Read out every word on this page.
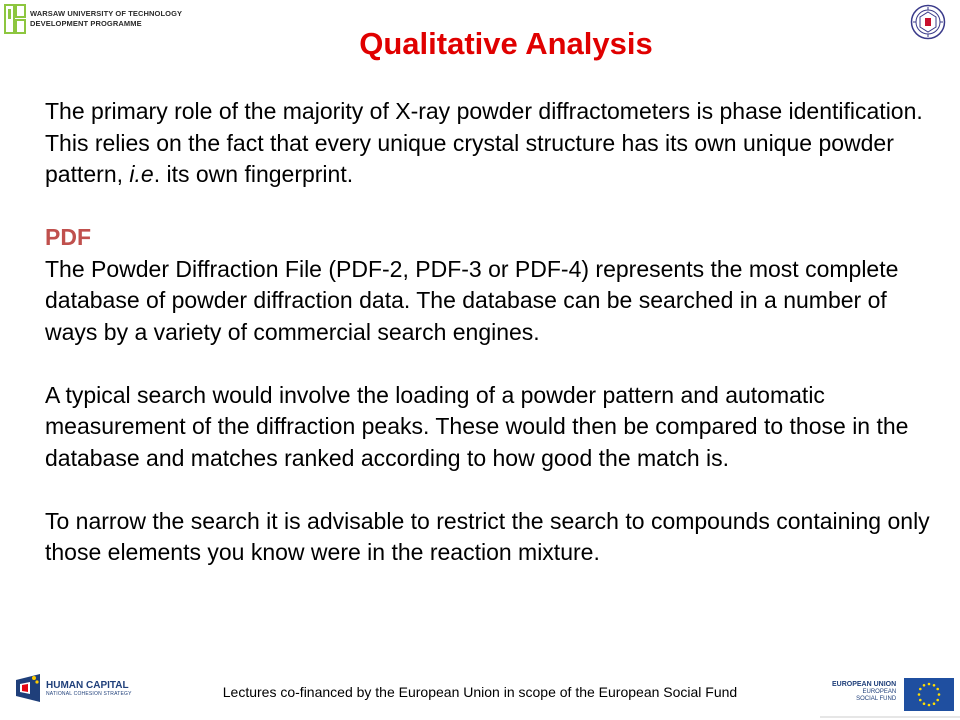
WARSAW UNIVERSITY OF TECHNOLOGY
DEVELOPMENT PROGRAMME
Qualitative Analysis

The primary role of the majority of X-ray powder diffractometers is phase identification. This relies on the fact that every unique crystal structure has its own unique powder pattern, i.e. its own fingerprint.

PDF

The Powder Diffraction File (PDF-2, PDF-3 or PDF-4) represents the most complete database of powder diffraction data. The database can be searched in a number of ways by a variety of commercial search engines.

A typical search would involve the loading of a powder pattern and automatic measurement of the diffraction peaks. These would then be compared to those in the database and matches ranked according to how good the match is.

To narrow the search it is advisable to restrict the search to compounds containing only those elements you know were in the reaction mixture.

HUMAN CAPITAL
NATIONAL COHESION STRATEGY	Lectures co-financed by the European Union in scope of the European Social Fund	EUROPEAN UNION
EUROPEAN
SOCIAL FUND
